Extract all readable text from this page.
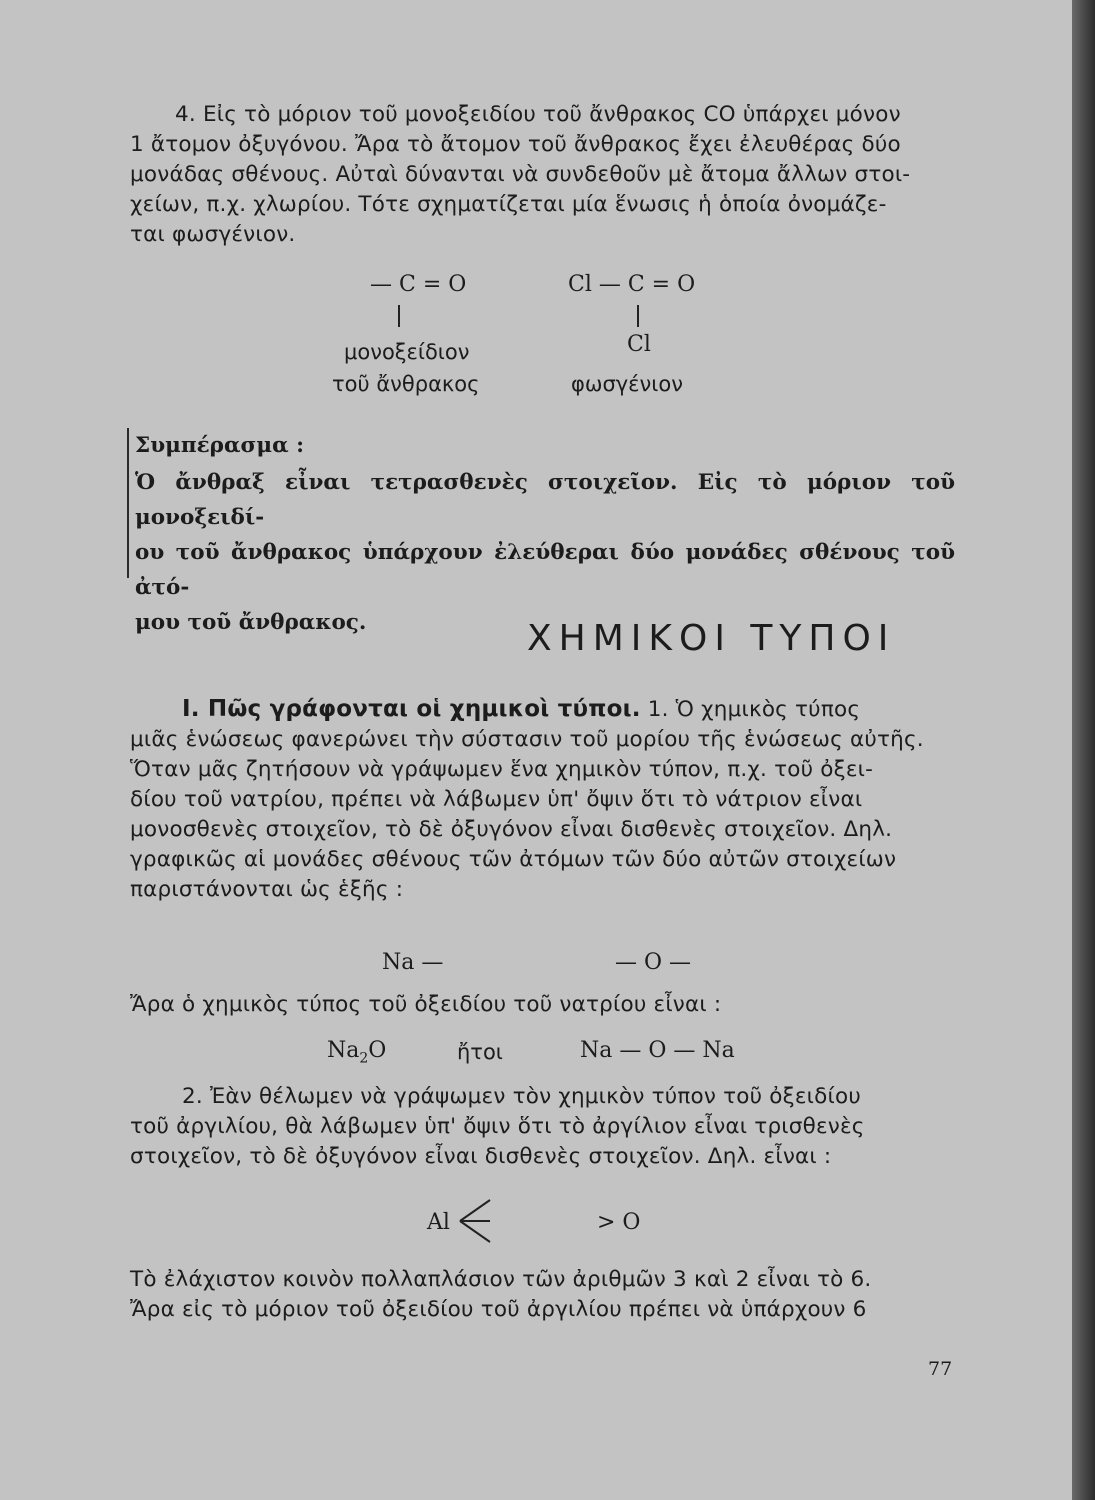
4. Εἰς τὸ μόριον τοῦ μονοξειδίου τοῦ ἄνθρακος CO ὑπάρχει μόνον
1 ἄτομον ὀξυγόνου. Ἄρα τὸ ἄτομον τοῦ ἄνθρακος ἔχει ἐλευθέρας δύο
μονάδας σθένους. Αὐταὶ δύνανται νὰ συνδεθοῦν μὲ ἄτομα ἄλλων στοι-
χείων, π.χ. χλωρίου. Τότε σχηματίζεται μία ἕνωσις ἡ ὁποία ὀνομάζε-
ται φωσγένιον.
— C = O
μονοξείδιον
τοῦ ἄνθρακος
Cl — C = O
Cl
φωσγένιον
Συμπέρασμα :
Ὁ ἄνθραξ εἶναι τετρασθενὲς στοιχεῖον. Εἰς τὸ μόριον τοῦ μονοξειδί-
ου τοῦ ἄνθρακος ὑπάρχουν ἐλεύθεραι δύο μονάδες σθένους τοῦ ἀτό-
μου τοῦ ἄνθρακος.	ΧΗΜΙΚΟΙ ΤΥΠΟΙ
I. Πῶς γράφονται οἱ χημικοὶ τύποι. 1. Ὁ χημικὸς τύπος
μιᾶς ἑνώσεως φανερώνει τὴν σύστασιν τοῦ μορίου τῆς ἑνώσεως αὐτῆς.
Ὅταν μᾶς ζητήσουν νὰ γράψωμεν ἕνα χημικὸν τύπον, π.χ. τοῦ ὀξει-
δίου τοῦ νατρίου, πρέπει νὰ λάβωμεν ὑπ' ὄψιν ὅτι τὸ νάτριον εἶναι
μονοσθενὲς στοιχεῖον, τὸ δὲ ὀξυγόνον εἶναι δισθενὲς στοιχεῖον. Δηλ.
γραφικῶς αἱ μονάδες σθένους τῶν ἀτόμων τῶν δύο αὐτῶν στοιχείων
παριστάνονται ὡς ἑξῆς :
Na —	— O —
Ἄρα ὁ χημικὸς τύπος τοῦ ὀξειδίου τοῦ νατρίου εἶναι :
$Na_2O$	ἤτοι	Na — O — Na
2. Ἐὰν θέλωμεν νὰ γράψωμεν τὸν χημικὸν τύπον τοῦ ὀξειδίου
τοῦ ἀργιλίου, θὰ λάβωμεν ὑπ' ὄψιν ὅτι τὸ ἀργίλιον εἶναι τρισθενὲς
στοιχεῖον, τὸ δὲ ὀξυγόνον εἶναι δισθενὲς στοιχεῖον. Δηλ. εἶναι :
Al	> O
Τὸ ἐλάχιστον κοινὸν πολλαπλάσιον τῶν ἀριθμῶν 3 καὶ 2 εἶναι τὸ 6.
Ἄρα εἰς τὸ μόριον τοῦ ὀξειδίου τοῦ ἀργιλίου πρέπει νὰ ὑπάρχουν 6
77
